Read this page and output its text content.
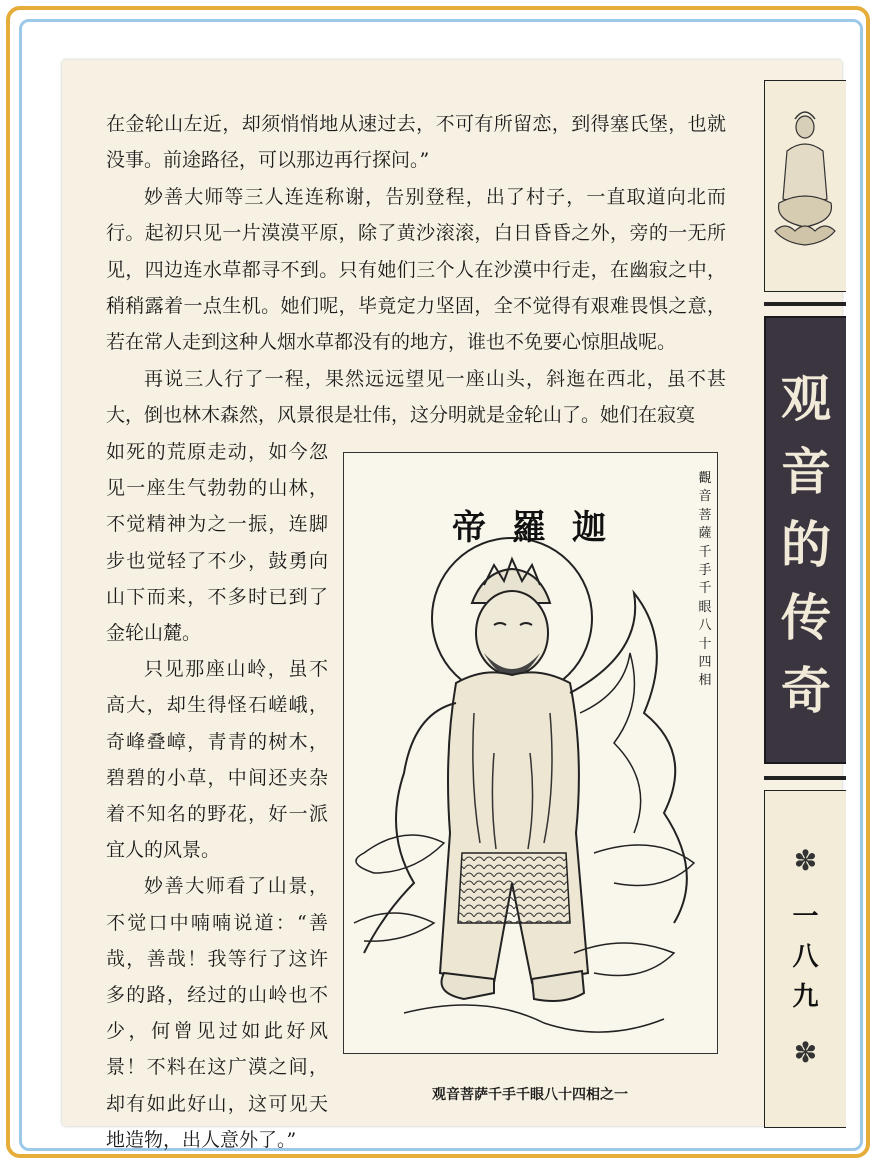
在金轮山左近，却须悄悄地从速过去，不可有所留恋，到得塞氏堡，也就没事。前途路径，可以那边再行探问。”

妙善大师等三人连连称谢，告别登程，出了村子，一直取道向北而行。起初只见一片漠漠平原，除了黄沙滚滚，白日昏昏之外，旁的一无所见，四边连水草都寻不到。只有她们三个人在沙漠中行走，在幽寂之中，稍稍露着一点生机。她们呢，毕竟定力坚固，全不觉得有艰难畏惧之意，若在常人走到这种人烟水草都没有的地方，谁也不免要心惊胆战呢。

再说三人行了一程，果然远远望见一座山头，斜迤在西北，虽不甚大，倒也林木森然，风景很是壮伟，这分明就是金轮山了。她们在寂寞

如死的荒原走动，如今忽见一座生气勃勃的山林，不觉精神为之一振，连脚步也觉轻了不少，鼓勇向山下而来，不多时已到了金轮山麓。

只见那座山岭，虽不高大，却生得怪石嵯峨，奇峰叠嶂，青青的树木，碧碧的小草，中间还夹杂着不知名的野花，好一派宜人的风景。

妙善大师看了山景，不觉口中喃喃说道：“善哉，善哉！我等行了这许多的路，经过的山岭也不少，何曾见过如此好风景！不料在这广漠之间，却有如此好山，这可见天地造物，出人意外了。”

帝羅迦
觀音菩薩千手千眼八十四相
观音菩萨千手千眼八十四相之一
观
音
的
传
奇
✽
一
八
九
✽
